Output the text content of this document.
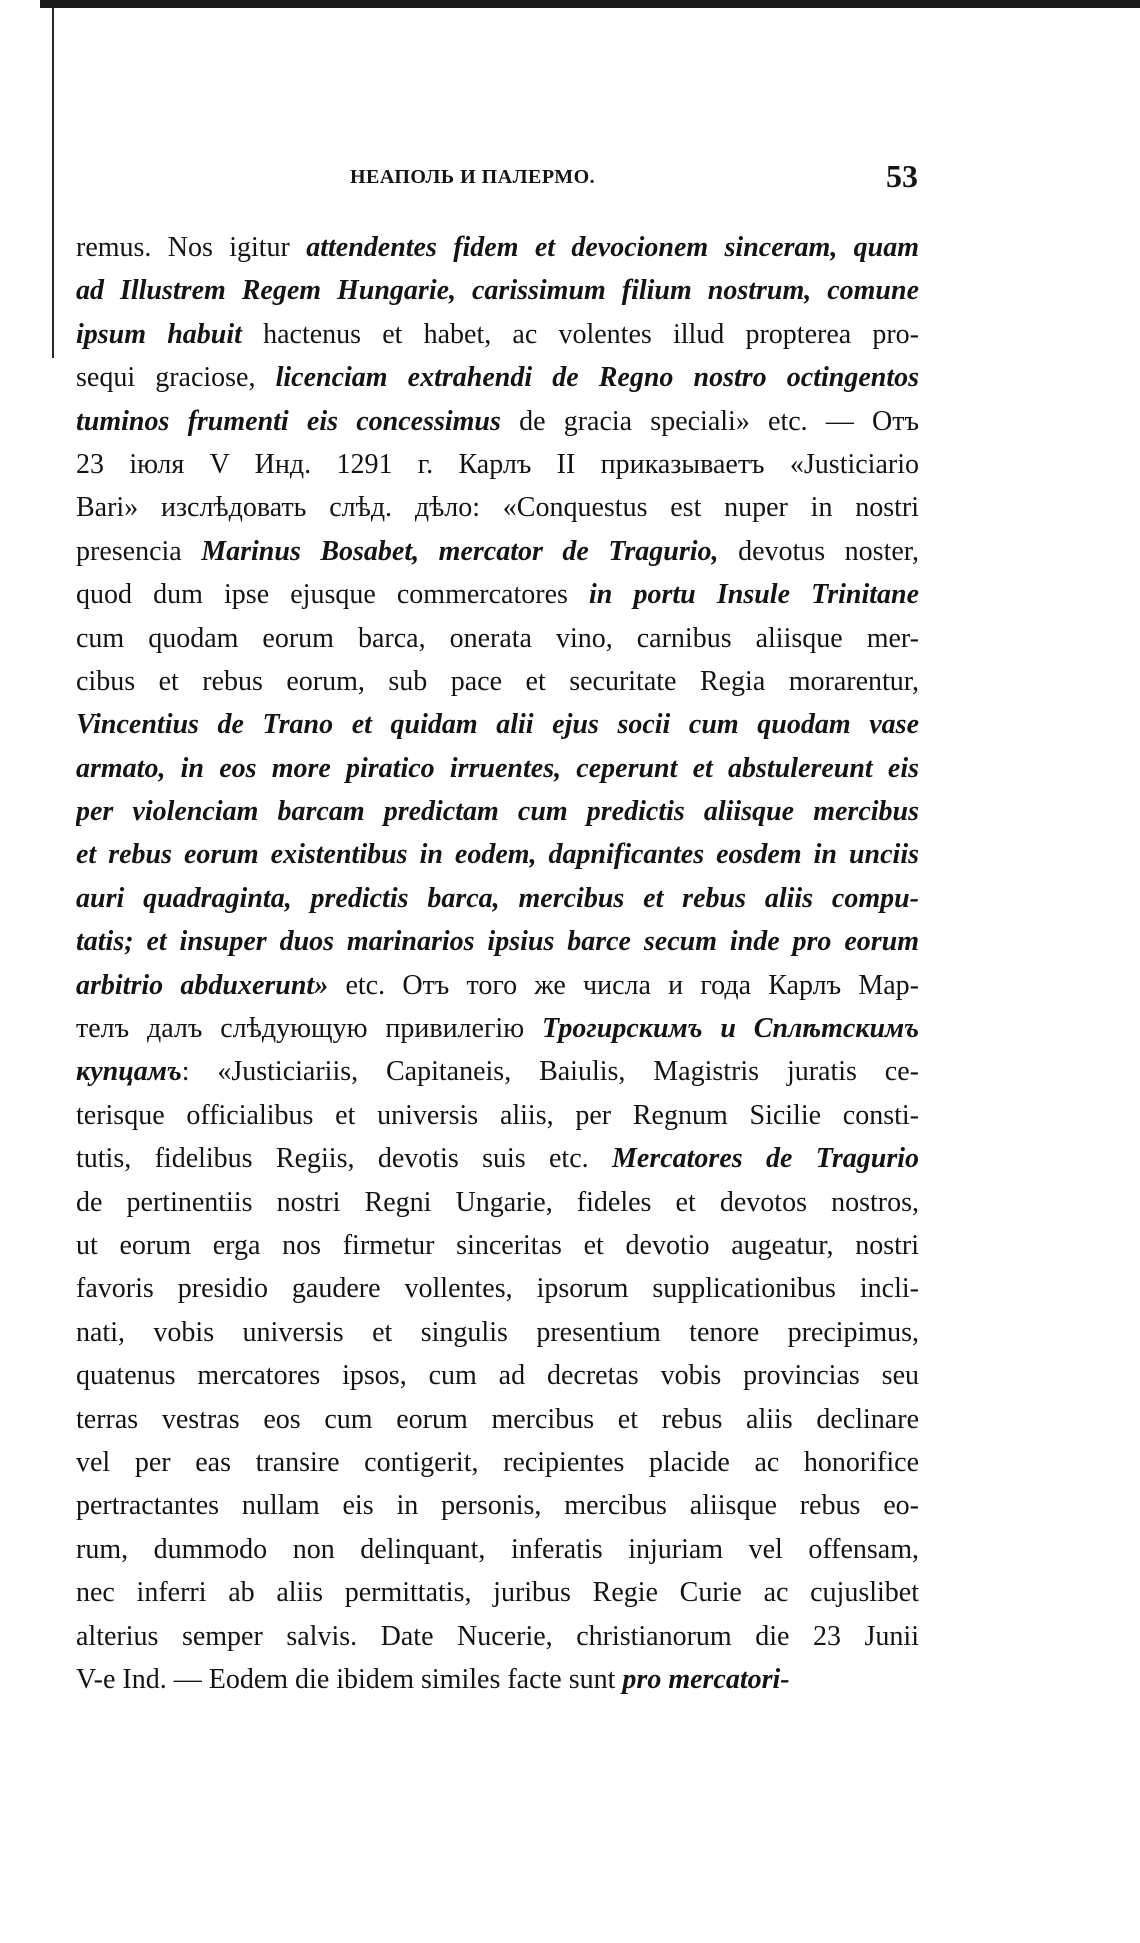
НЕАПОЛЬ И ПАЛЕРМО.	53
remus. Nos igitur attendentes fidem et devocionem sinceram, quam
ad Illustrem Regem Hungarie, carissimum filium nostrum, comune
ipsum habuit hactenus et habet, ac volentes illud propterea pro-
sequi graciose, licenciam extrahendi de Regno nostro octingentos
tuminos frumenti eis concessimus de gracia speciali» etc. — Отъ
23 іюля V Инд. 1291 г. Карлъ II приказываетъ «Justiciario
Bari» изслѣдовать слѣд. дѣло: «Conquestus est nuper in nostri
presencia Marinus Bosabet, mercator de Tragurio, devotus noster,
quod dum ipse ejusque commercatores in portu Insule Trinitane
cum quodam eorum barca, onerata vino, carnibus aliisque mer-
cibus et rebus eorum, sub pace et securitate Regia morarentur,
Vincentius de Trano et quidam alii ejus socii cum quodam vase
armato, in eos more piratico irruentes, ceperunt et abstulereunt eis
per violenciam barcam predictam cum predictis aliisque mercibus
et rebus eorum existentibus in eodem, dapnificantes eosdem in unciis
auri quadraginta, predictis barca, mercibus et rebus aliis compu-
tatis; et insuper duos marinarios ipsius barce secum inde pro eorum
arbitrio abduxerunt» etc. Отъ того же числа и года Карлъ Мар-
телъ далъ слѣдующую привилегію Трогирскимъ и Сплѣтскимъ
купцамъ: «Justiciariis, Capitaneis, Baiulis, Magistris juratis ce-
terisque officialibus et universis aliis, per Regnum Sicilie consti-
tutis, fidelibus Regiis, devotis suis etc. Mercatores de Tragurio
de pertinentiis nostri Regni Ungarie, fideles et devotos nostros,
ut eorum erga nos firmetur sinceritas et devotio augeatur, nostri
favoris presidio gaudere vollentes, ipsorum supplicationibus incli-
nati, vobis universis et singulis presentium tenore precipimus,
quatenus mercatores ipsos, cum ad decretas vobis provincias seu
terras vestras eos cum eorum mercibus et rebus aliis declinare
vel per eas transire contigerit, recipientes placide ac honorifice
pertractantes nullam eis in personis, mercibus aliisque rebus eo-
rum, dummodo non delinquant, inferatis injuriam vel offensam,
nec inferri ab aliis permittatis, juribus Regie Curie ac cujuslibet
alterius semper salvis. Date Nucerie, christianorum die 23 Junii
V-e Ind. — Eodem die ibidem similes facte sunt pro mercatori-
